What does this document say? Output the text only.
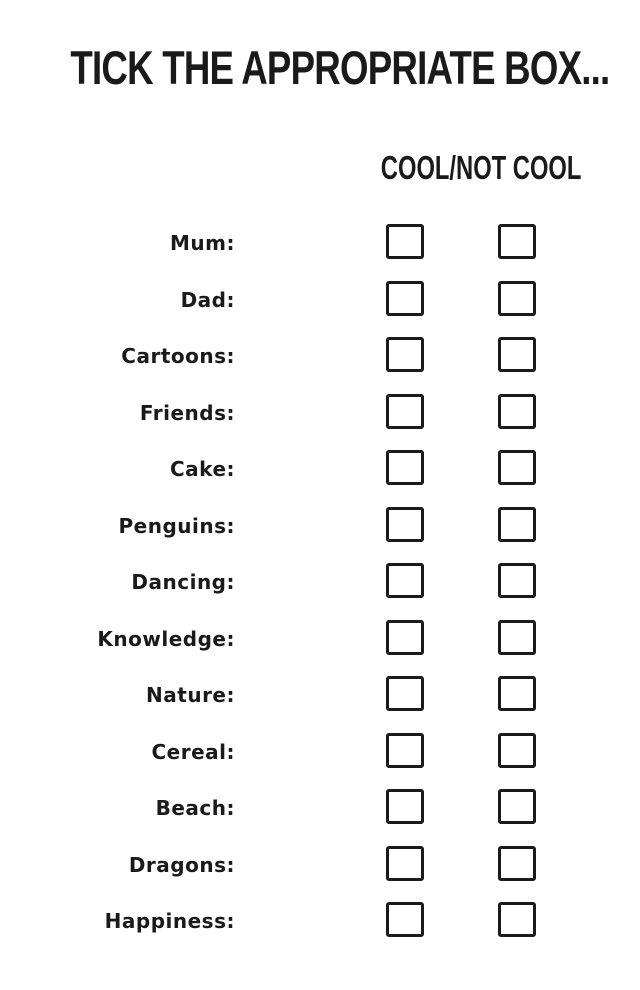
TICK THE APPROPRIATE BOX...
COOL/NOT COOL
Mum:
Dad:
Cartoons:
Friends:
Cake:
Penguins:
Dancing:
Knowledge:
Nature:
Cereal:
Beach:
Dragons:
Happiness:
